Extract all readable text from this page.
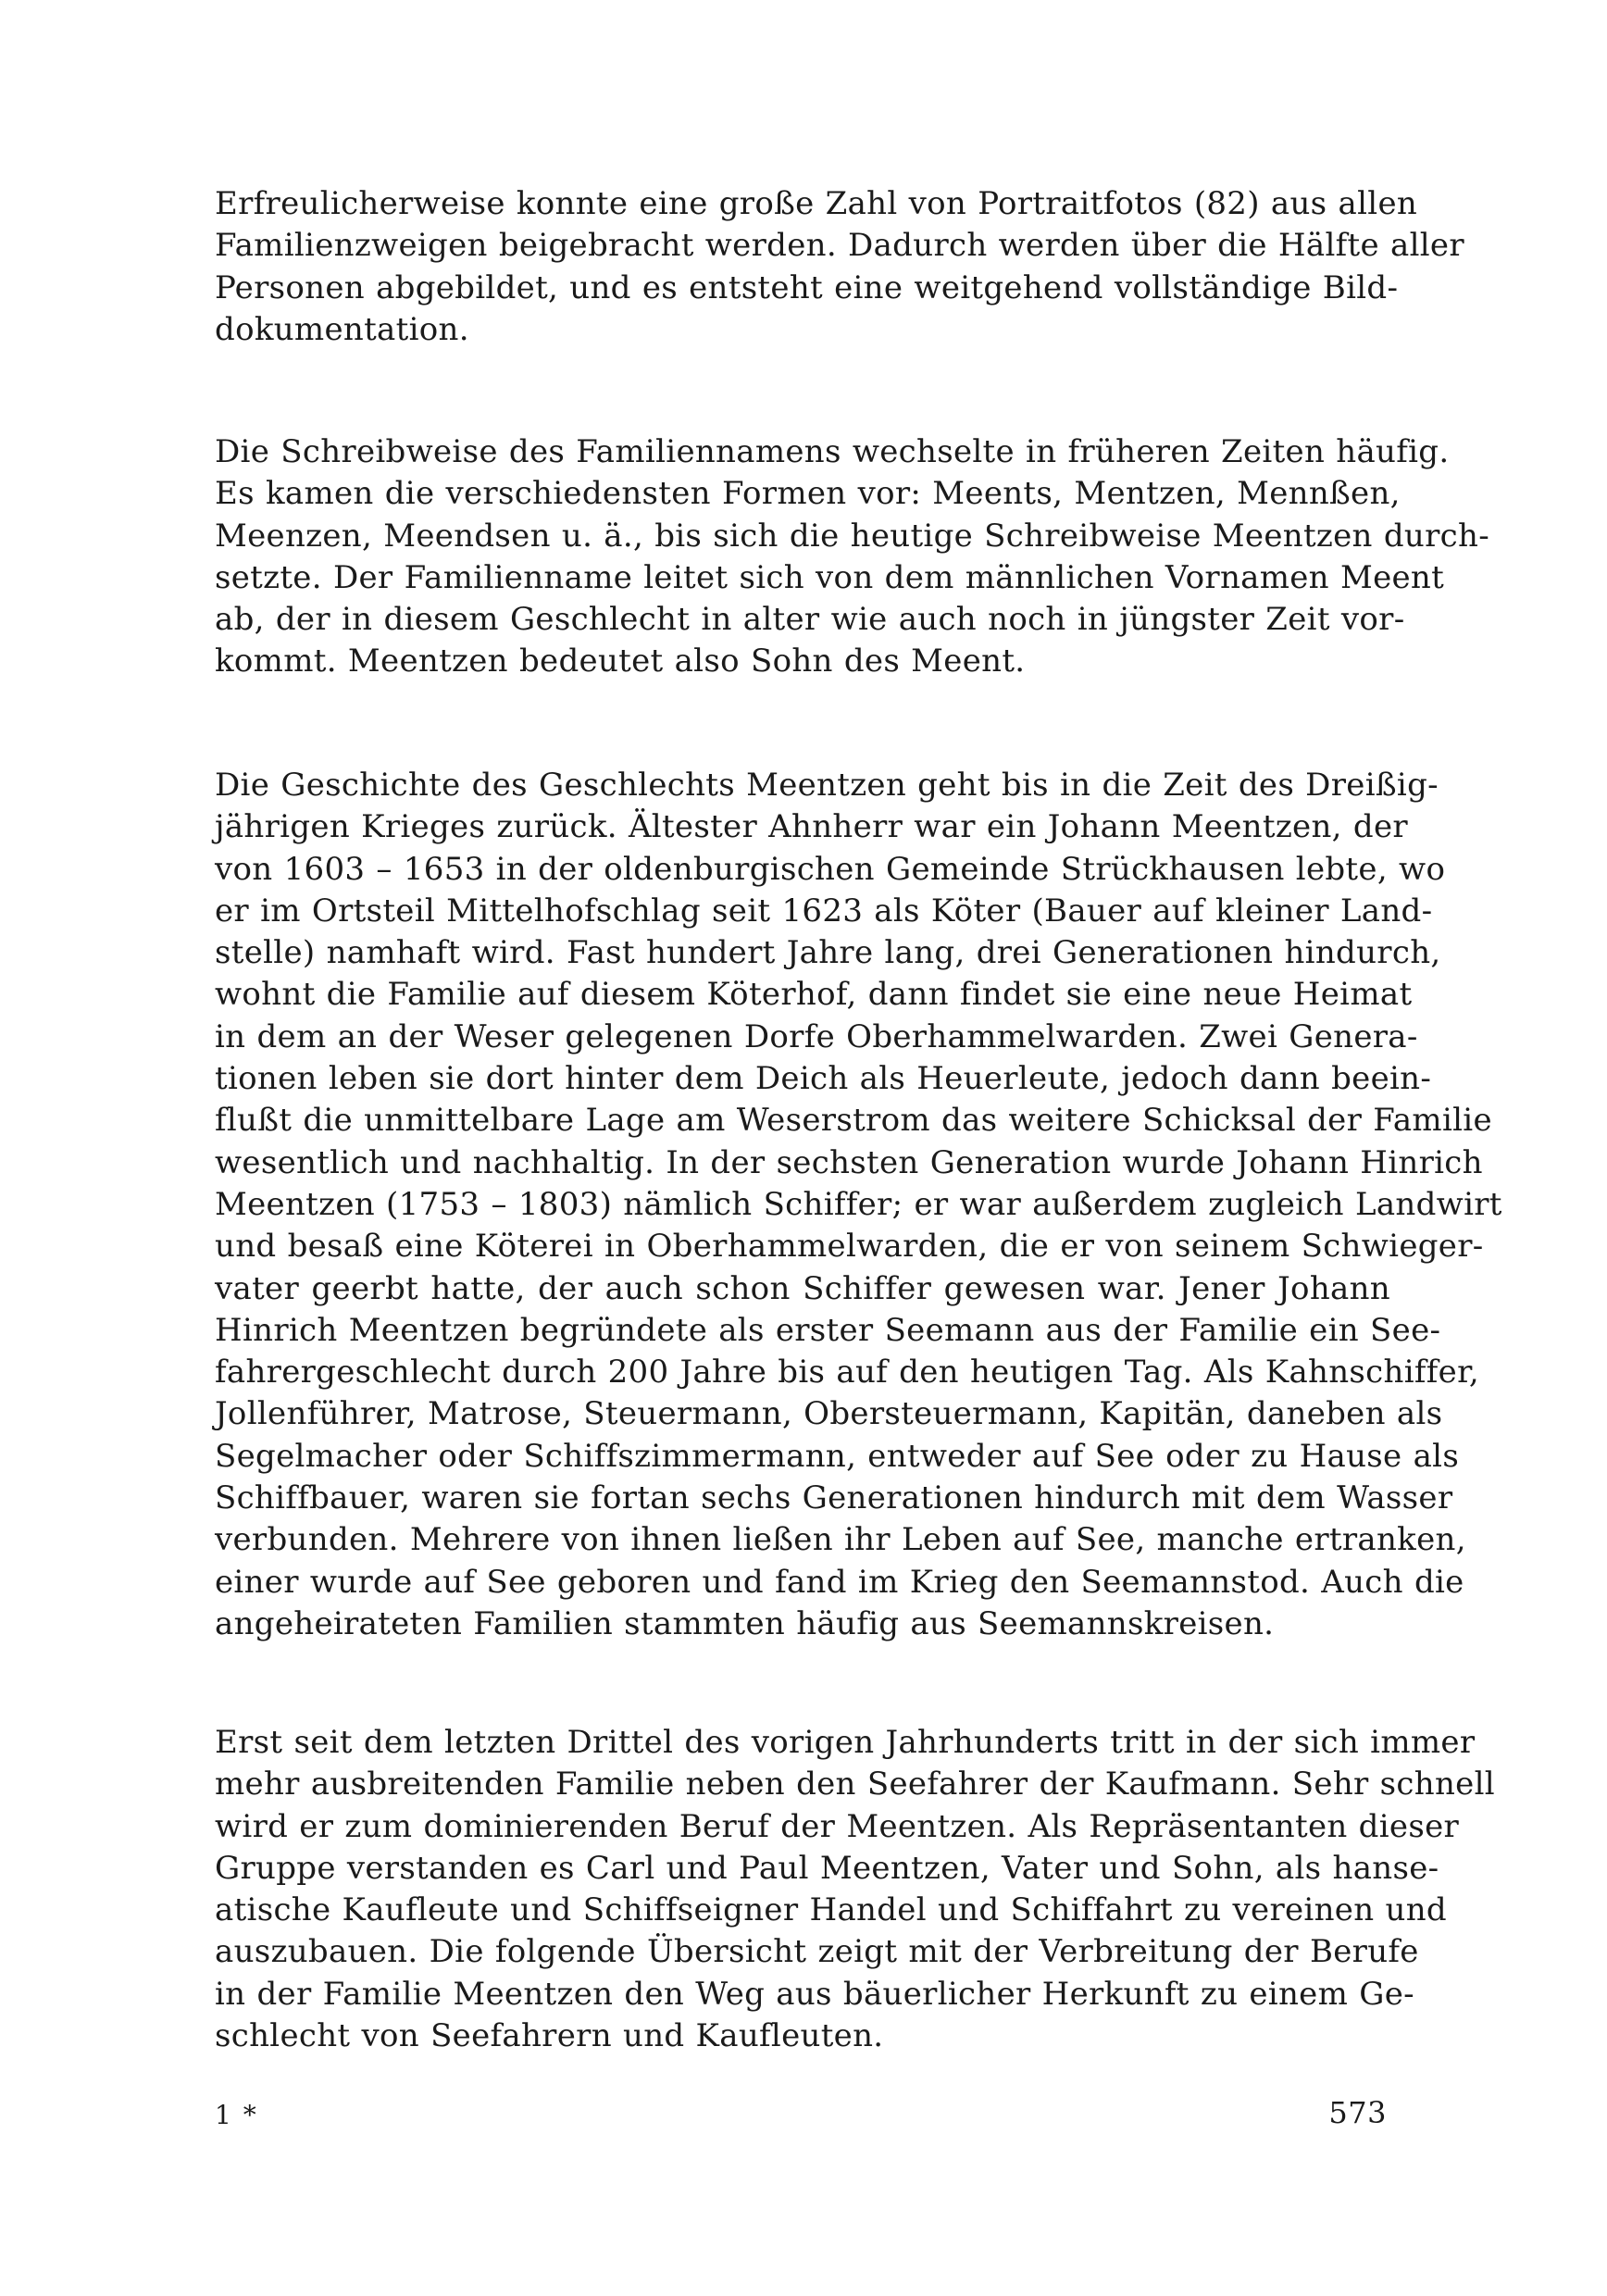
Erfreulicherweise konnte eine große Zahl von Portraitfotos (82) aus allen
Familienzweigen beigebracht werden. Dadurch werden über die Hälfte aller
Personen abgebildet, und es entsteht eine weitgehend vollständige Bild-
dokumentation.
Die Schreibweise des Familiennamens wechselte in früheren Zeiten häufig.
Es kamen die verschiedensten Formen vor: Meents, Mentzen, Mennßen,
Meenzen, Meendsen u. ä., bis sich die heutige Schreibweise Meentzen durch-
setzte. Der Familienname leitet sich von dem männlichen Vornamen Meent
ab, der in diesem Geschlecht in alter wie auch noch in jüngster Zeit vor-
kommt. Meentzen bedeutet also Sohn des Meent.
Die Geschichte des Geschlechts Meentzen geht bis in die Zeit des Dreißig-
jährigen Krieges zurück. Ältester Ahnherr war ein Johann Meentzen, der
von 1603 – 1653 in der oldenburgischen Gemeinde Strückhausen lebte, wo
er im Ortsteil Mittelhofschlag seit 1623 als Köter (Bauer auf kleiner Land-
stelle) namhaft wird. Fast hundert Jahre lang, drei Generationen hindurch,
wohnt die Familie auf diesem Köterhof, dann findet sie eine neue Heimat
in dem an der Weser gelegenen Dorfe Oberhammelwarden. Zwei Genera-
tionen leben sie dort hinter dem Deich als Heuerleute, jedoch dann beein-
flußt die unmittelbare Lage am Weserstrom das weitere Schicksal der Familie
wesentlich und nachhaltig. In der sechsten Generation wurde Johann Hinrich
Meentzen (1753 – 1803) nämlich Schiffer; er war außerdem zugleich Landwirt
und besaß eine Köterei in Oberhammelwarden, die er von seinem Schwieger-
vater geerbt hatte, der auch schon Schiffer gewesen war. Jener Johann
Hinrich Meentzen begründete als erster Seemann aus der Familie ein See-
fahrergeschlecht durch 200 Jahre bis auf den heutigen Tag. Als Kahnschiffer,
Jollenführer, Matrose, Steuermann, Obersteuermann, Kapitän, daneben als
Segelmacher oder Schiffszimmermann, entweder auf See oder zu Hause als
Schiffbauer, waren sie fortan sechs Generationen hindurch mit dem Wasser
verbunden. Mehrere von ihnen ließen ihr Leben auf See, manche ertranken,
einer wurde auf See geboren und fand im Krieg den Seemannstod. Auch die
angeheirateten Familien stammten häufig aus Seemannskreisen.
Erst seit dem letzten Drittel des vorigen Jahrhunderts tritt in der sich immer
mehr ausbreitenden Familie neben den Seefahrer der Kaufmann. Sehr schnell
wird er zum dominierenden Beruf der Meentzen. Als Repräsentanten dieser
Gruppe verstanden es Carl und Paul Meentzen, Vater und Sohn, als hanse-
atische Kaufleute und Schiffseigner Handel und Schiffahrt zu vereinen und
auszubauen. Die folgende Übersicht zeigt mit der Verbreitung der Berufe
in der Familie Meentzen den Weg aus bäuerlicher Herkunft zu einem Ge-
schlecht von Seefahrern und Kaufleuten.
1 *	573
